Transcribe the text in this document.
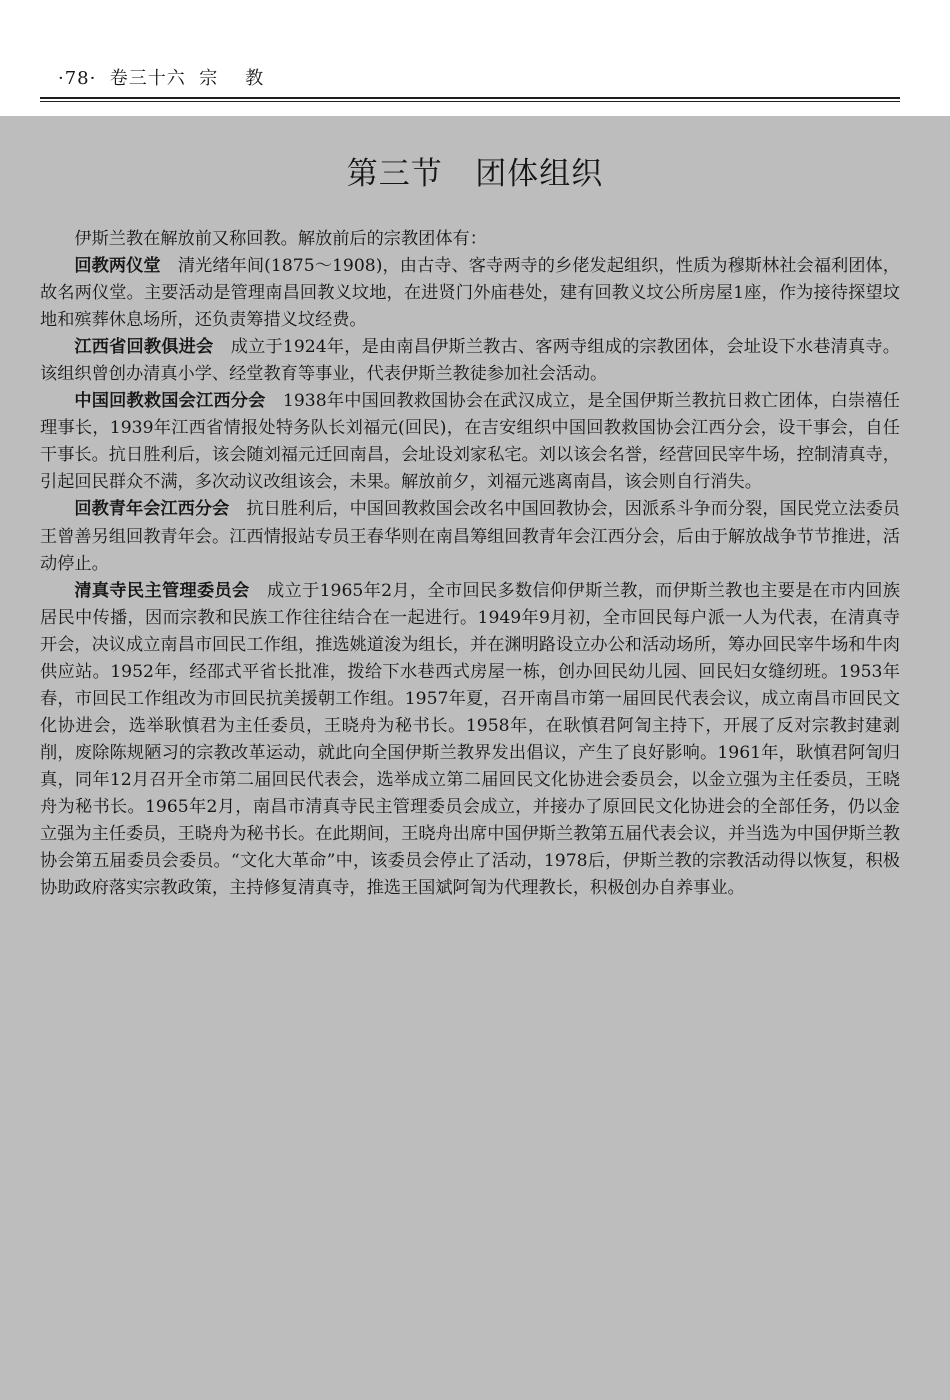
·78·  卷三十六  宗    教
第三节   团体组织

伊斯兰教在解放前又称回教。解放前后的宗教团体有：

回教两仪堂　 清光绪年间(1875～1908)，由古寺、客寺两寺的乡佬发起组织，性质为穆斯林社会福利团体，故名两仪堂。主要活动是管理南昌回教义坟地，在进贤门外庙巷处，建有回教义坟公所房屋1座，作为接待探望坟地和殡葬休息场所，还负责筹措义坟经费。

江西省回教俱进会　 成立于1924年，是由南昌伊斯兰教古、客两寺组成的宗教团体，会址设下水巷清真寺。该组织曾创办清真小学、经堂教育等事业，代表伊斯兰教徒参加社会活动。

中国回教救国会江西分会　 1938年中国回教救国协会在武汉成立，是全国伊斯兰教抗日救亡团体，白崇禧任理事长，1939年江西省情报处特务队长刘福元(回民)，在吉安组织中国回教救国协会江西分会，设干事会，自任干事长。抗日胜利后，该会随刘福元迁回南昌，会址设刘家私宅。刘以该会名誉，经营回民宰牛场，控制清真寺，引起回民群众不满，多次动议改组该会，未果。解放前夕，刘福元逃离南昌，该会则自行消失。

回教青年会江西分会　 抗日胜利后，中国回教救国会改名中国回教协会，因派系斗争而分裂，国民党立法委员王曾善另组回教青年会。江西情报站专员王春华则在南昌筹组回教青年会江西分会，后由于解放战争节节推进，活动停止。

清真寺民主管理委员会　 成立于1965年2月，全市回民多数信仰伊斯兰教，而伊斯兰教也主要是在市内回族居民中传播，因而宗教和民族工作往往结合在一起进行。1949年9月初，全市回民每户派一人为代表，在清真寺开会，决议成立南昌市回民工作组，推选姚道浚为组长，并在渊明路设立办公和活动场所，筹办回民宰牛场和牛肉供应站。1952年，经邵式平省长批准，拨给下水巷西式房屋一栋，创办回民幼儿园、回民妇女缝纫班。1953年春，市回民工作组改为市回民抗美援朝工作组。1957年夏，召开南昌市第一届回民代表会议，成立南昌市回民文化协进会，选举耿慎君为主任委员，王晓舟为秘书长。1958年，在耿慎君阿訇主持下，开展了反对宗教封建剥削，废除陈规陋习的宗教改革运动，就此向全国伊斯兰教界发出倡议，产生了良好影响。1961年，耿慎君阿訇归真，同年12月召开全市第二届回民代表会，选举成立第二届回民文化协进会委员会，以金立强为主任委员，王晓舟为秘书长。1965年2月，南昌市清真寺民主管理委员会成立，并接办了原回民文化协进会的全部任务，仍以金立强为主任委员，王晓舟为秘书长。在此期间，王晓舟出席中国伊斯兰教第五届代表会议，并当选为中国伊斯兰教协会第五届委员会委员。“文化大革命”中，该委员会停止了活动，1978后，伊斯兰教的宗教活动得以恢复，积极协助政府落实宗教政策，主持修复清真寺，推选王国斌阿訇为代理教长，积极创办自养事业。
